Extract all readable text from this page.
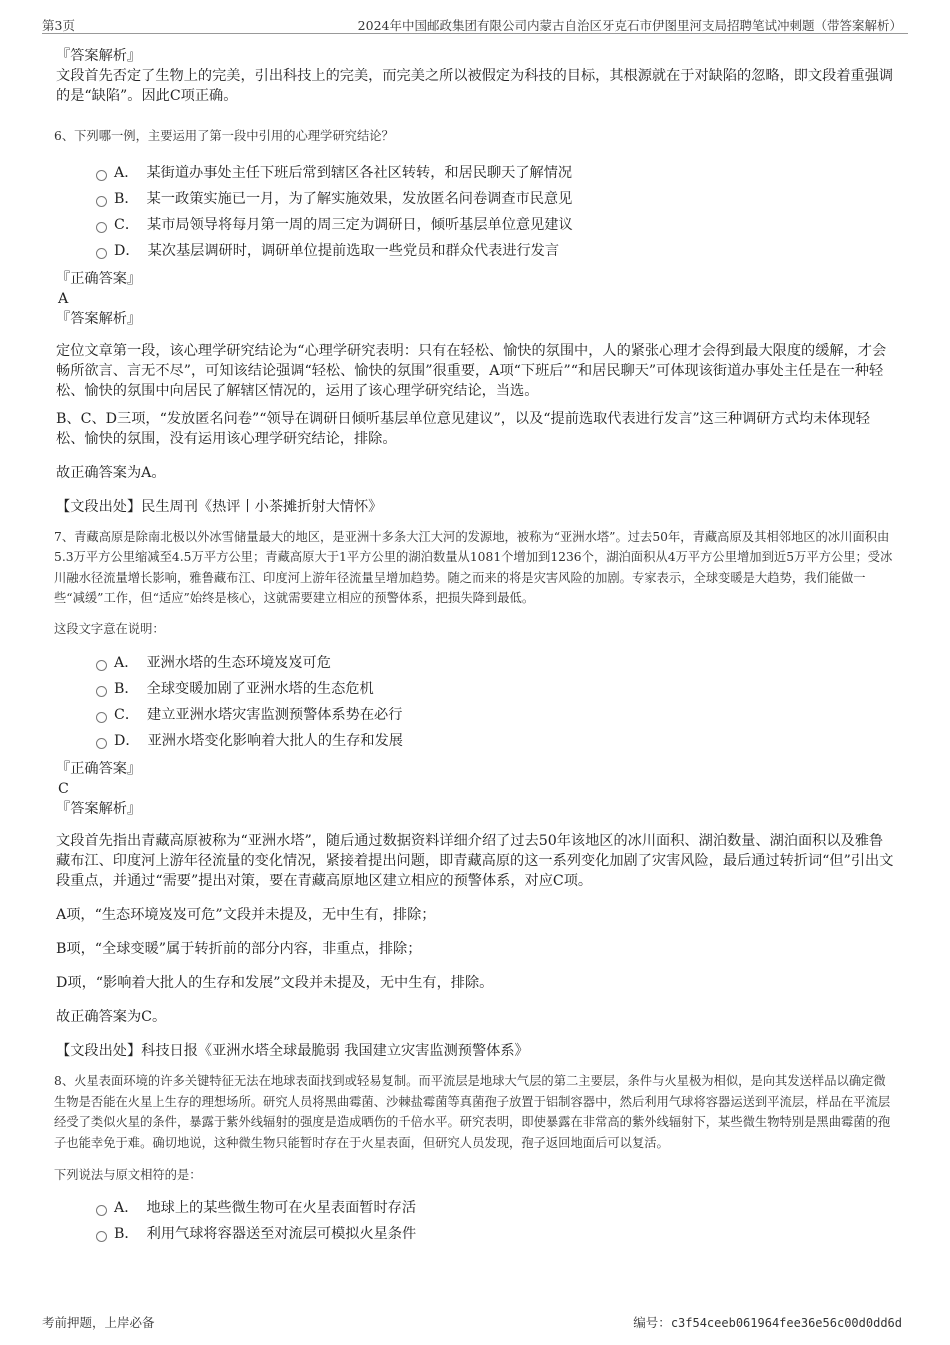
第3页	2024年中国邮政集团有限公司内蒙古自治区牙克石市伊图里河支局招聘笔试冲刺题（带答案解析）
『答案解析』

文段首先否定了生物上的完美，引出科技上的完美，而完美之所以被假定为科技的目标，其根源就在于对缺陷的忽略，即文段着重强调的是“缺陷”。因此C项正确。

6、下列哪一例，主要运用了第一段中引用的心理学研究结论？
A． 某街道办事处主任下班后常到辖区各社区转转，和居民聊天了解情况
B． 某一政策实施已一月，为了解实施效果，发放匿名问卷调查市民意见
C． 某市局领导将每月第一周的周三定为调研日，倾听基层单位意见建议
D． 某次基层调研时，调研单位提前选取一些党员和群众代表进行发言
『正确答案』
A
『答案解析』

定位文章第一段，该心理学研究结论为“心理学研究表明：只有在轻松、愉快的氛围中，人的紧张心理才会得到最大限度的缓解，才会畅所欲言、言无不尽”，可知该结论强调“轻松、愉快的氛围”很重要，A项“下班后”“和居民聊天”可体现该街道办事处主任是在一种轻松、愉快的氛围中向居民了解辖区情况的，运用了该心理学研究结论，当选。

B、C、D三项，“发放匿名问卷”“领导在调研日倾听基层单位意见建议”，以及“提前选取代表进行发言”这三种调研方式均未体现轻松、愉快的氛围，没有运用该心理学研究结论，排除。

故正确答案为A。

【文段出处】民生周刊《热评丨小茶摊折射大情怀》

7、青藏高原是除南北极以外冰雪储量最大的地区，是亚洲十多条大江大河的发源地，被称为“亚洲水塔”。过去50年，青藏高原及其相邻地区的冰川面积由5.3万平方公里缩减至4.5万平方公里；青藏高原大于1平方公里的湖泊数量从1081个增加到1236个，湖泊面积从4万平方公里增加到近5万平方公里；受冰川融水径流量增长影响，雅鲁藏布江、印度河上游年径流量呈增加趋势。随之而来的将是灾害风险的加剧。专家表示，全球变暖是大趋势，我们能做一些“减缓”工作，但“适应”始终是核心，这就需要建立相应的预警体系，把损失降到最低。
这段文字意在说明：
A． 亚洲水塔的生态环境岌岌可危
B． 全球变暖加剧了亚洲水塔的生态危机
C． 建立亚洲水塔灾害监测预警体系势在必行
D． 亚洲水塔变化影响着大批人的生存和发展
『正确答案』
C
『答案解析』

文段首先指出青藏高原被称为“亚洲水塔”，随后通过数据资料详细介绍了过去50年该地区的冰川面积、湖泊数量、湖泊面积以及雅鲁藏布江、印度河上游年径流量的变化情况，紧接着提出问题，即青藏高原的这一系列变化加剧了灾害风险，最后通过转折词“但”引出文段重点，并通过“需要”提出对策，要在青藏高原地区建立相应的预警体系，对应C项。

A项，“生态环境岌岌可危”文段并未提及，无中生有，排除；

B项，“全球变暖”属于转折前的部分内容，非重点，排除；

D项，“影响着大批人的生存和发展”文段并未提及，无中生有，排除。

故正确答案为C。

【文段出处】科技日报《亚洲水塔全球最脆弱 我国建立灾害监测预警体系》

8、火星表面环境的许多关键特征无法在地球表面找到或轻易复制。而平流层是地球大气层的第二主要层，条件与火星极为相似，是向其发送样品以确定微生物是否能在火星上生存的理想场所。研究人员将黑曲霉菌、沙棘盐霉菌等真菌孢子放置于铝制容器中，然后利用气球将容器运送到平流层，样品在平流层经受了类似火星的条件，暴露于紫外线辐射的强度是造成晒伤的千倍水平。研究表明，即使暴露在非常高的紫外线辐射下，某些微生物特别是黑曲霉菌的孢子也能幸免于难。确切地说，这种微生物只能暂时存在于火星表面，但研究人员发现，孢子返回地面后可以复活。
下列说法与原文相符的是：
A． 地球上的某些微生物可在火星表面暂时存活
B． 利用气球将容器送至对流层可模拟火星条件
考前押题，上岸必备	编号：c3f54ceeb061964fee36e56c00d0dd6d
